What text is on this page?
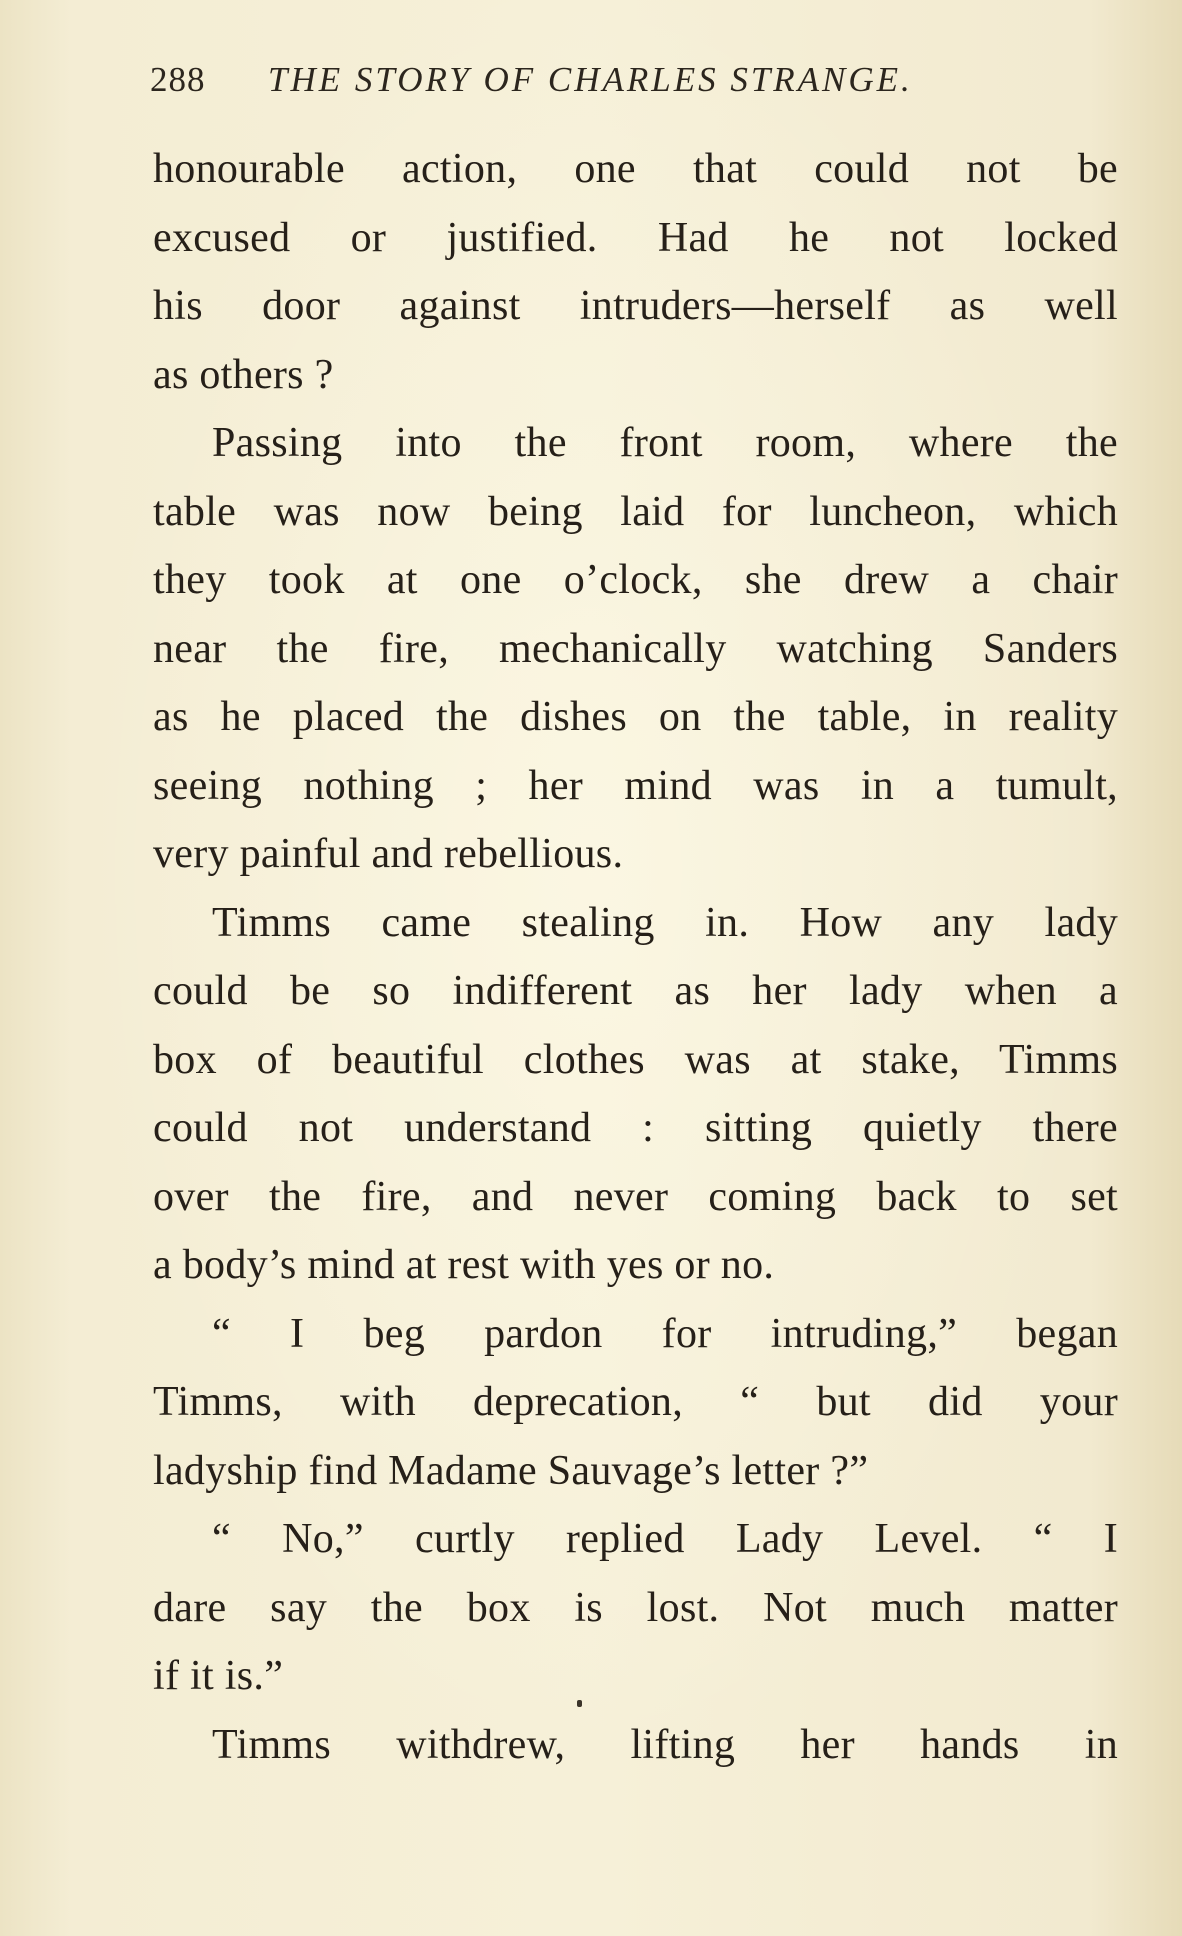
288 THE STORY OF CHARLES STRANGE.
honourable action, one that could not be
excused or justified. Had he not locked
his door against intruders—herself as well
as others ?
Passing into the front room, where the
table was now being laid for luncheon, which
they took at one o’clock, she drew a chair
near the fire, mechanically watching Sanders
as he placed the dishes on the table, in reality
seeing nothing ; her mind was in a tumult,
very painful and rebellious.
Timms came stealing in. How any lady
could be so indifferent as her lady when a
box of beautiful clothes was at stake, Timms
could not understand : sitting quietly there
over the fire, and never coming back to set
a body’s mind at rest with yes or no.
“ I beg pardon for intruding,” began
Timms, with deprecation, “ but did your
ladyship find Madame Sauvage’s letter ?”
“ No,” curtly replied Lady Level. “ I
dare say the box is lost. Not much matter
if it is.”
Timms withdrew, lifting her hands in
